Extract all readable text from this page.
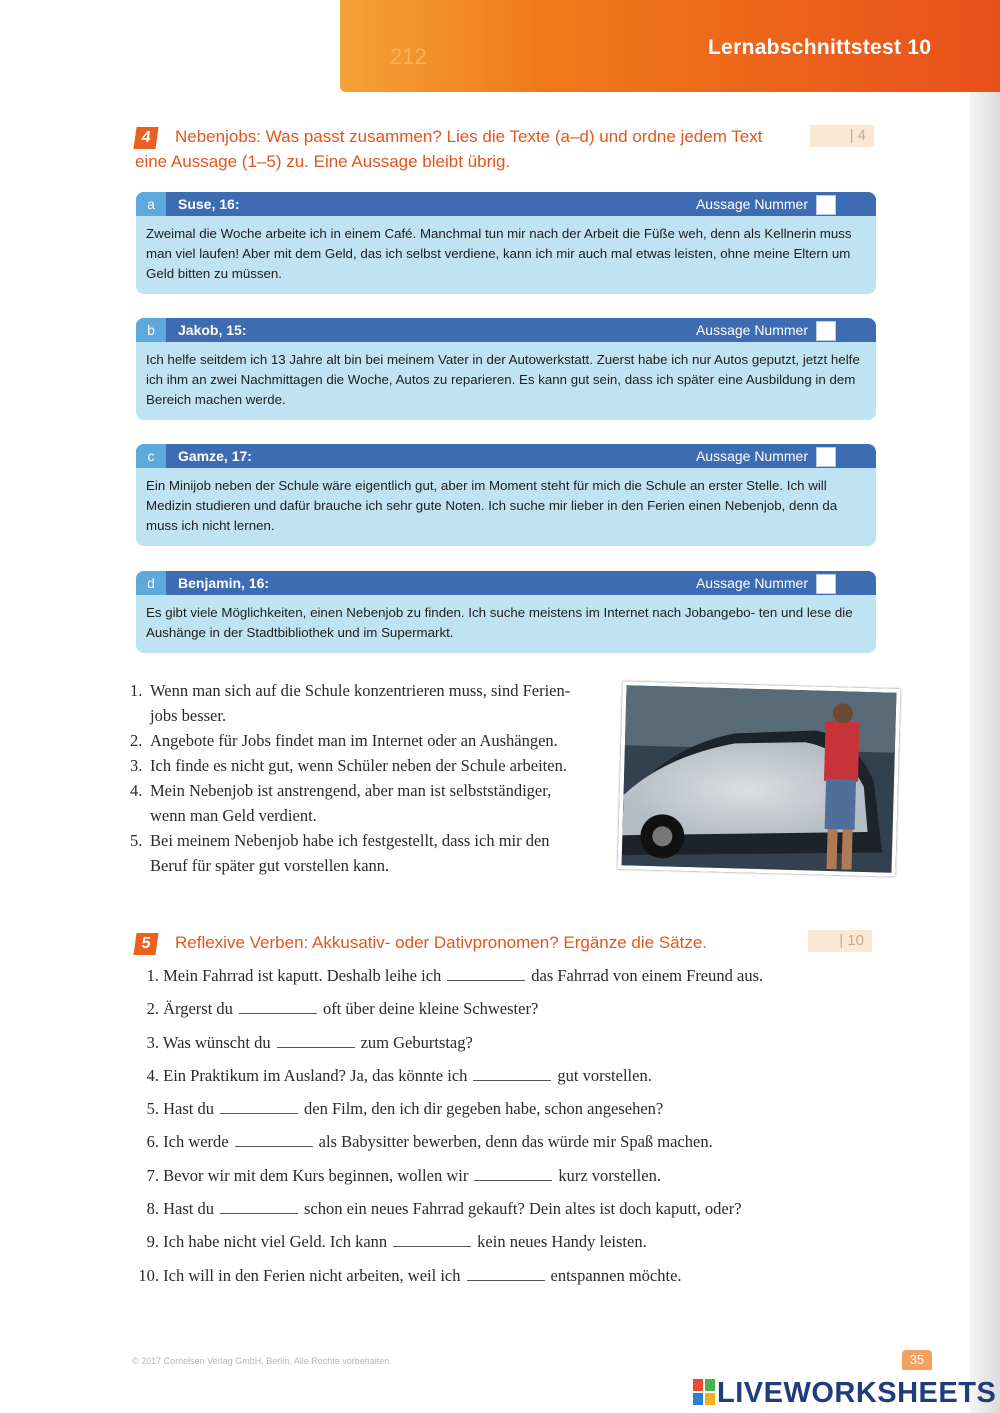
212	Lernabschnittstest 10
4 Nebenjobs: Was passt zusammen? Lies die Texte (a–d) und ordne jedem Text eine Aussage (1–5) zu. Eine Aussage bleibt übrig.
| 4
a	Suse, 16:	Aussage Nummer
Zweimal die Woche arbeite ich in einem Café. Manchmal tun mir nach der Arbeit die Füße weh, denn als Kellnerin muss man viel laufen! Aber mit dem Geld, das ich selbst verdiene, kann ich mir auch mal etwas leisten, ohne meine Eltern um Geld bitten zu müssen.
b	Jakob, 15:	Aussage Nummer
Ich helfe seitdem ich 13 Jahre alt bin bei meinem Vater in der Autowerkstatt. Zuerst habe ich nur Autos geputzt, jetzt helfe ich ihm an zwei Nachmittagen die Woche, Autos zu reparieren. Es kann gut sein, dass ich später eine Ausbildung in dem Bereich machen werde.
c	Gamze, 17:	Aussage Nummer
Ein Minijob neben der Schule wäre eigentlich gut, aber im Moment steht für mich die Schule an erster Stelle. Ich will Medizin studieren und dafür brauche ich sehr gute Noten. Ich suche mir lieber in den Ferien einen Nebenjob, denn da muss ich nicht lernen.
d	Benjamin, 16:	Aussage Nummer
Es gibt viele Möglichkeiten, einen Nebenjob zu finden. Ich suche meistens im Internet nach Jobangebo- ten und lese die Aushänge in der Stadtbibliothek und im Supermarkt.
1. Wenn man sich auf die Schule konzentrieren muss, sind Ferien-
jobs besser.
2. Angebote für Jobs findet man im Internet oder an Aushängen.
3. Ich finde es nicht gut, wenn Schüler neben der Schule arbeiten.
4. Mein Nebenjob ist anstrengend, aber man ist selbstständiger,
wenn man Geld verdient.
5. Bei meinem Nebenjob habe ich festgestellt, dass ich mir den
Beruf für später gut vorstellen kann.
5 Reflexive Verben: Akkusativ- oder Dativpronomen? Ergänze die Sätze.	| 10
1. Mein Fahrrad ist kaputt. Deshalb leihe ich	das Fahrrad von einem Freund aus.
2. Ärgerst du	oft über deine kleine Schwester?
3. Was wünscht du	zum Geburtstag?
4. Ein Praktikum im Ausland? Ja, das könnte ich	gut vorstellen.
5. Hast du	den Film, den ich dir gegeben habe, schon angesehen?
6. Ich werde	als Babysitter bewerben, denn das würde mir Spaß machen.
7. Bevor wir mit dem Kurs beginnen, wollen wir	kurz vorstellen.
8. Hast du	schon ein neues Fahrrad gekauft? Dein altes ist doch kaputt, oder?
9. Ich habe nicht viel Geld. Ich kann	kein neues Handy leisten.
10. Ich will in den Ferien nicht arbeiten, weil ich	entspannen möchte.
© 2017 Cornelsen Verlag GmbH, Berlin. Alle Rechte vorbehalten.	35
LIVEWORKSHEETS
